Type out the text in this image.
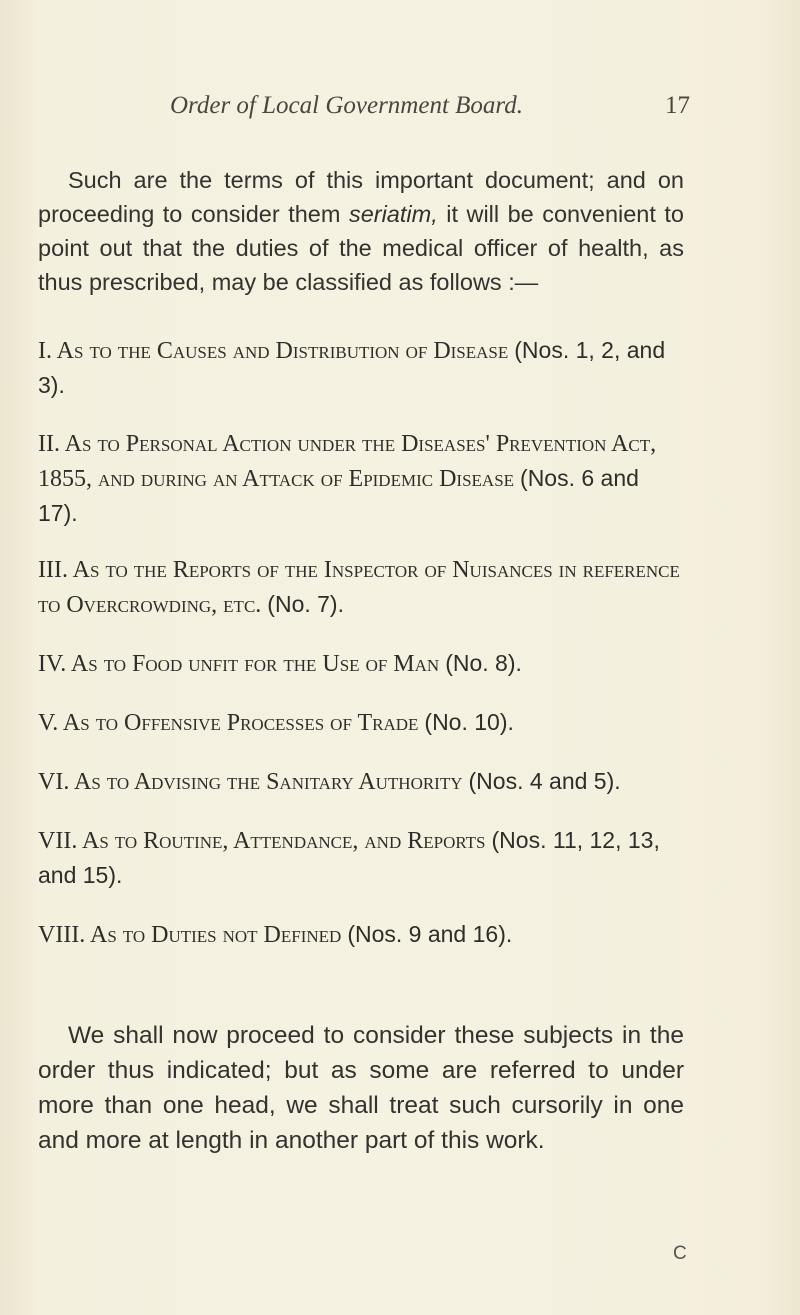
Order of Local Government Board.	17

Such are the terms of this important document; and on proceeding to consider them seriatim, it will be convenient to point out that the duties of the medical officer of health, as thus prescribed, may be classified as follows :—

I. As to the Causes and Distribution of Disease (Nos. 1, 2, and 3).
II. As to Personal Action under the Diseases' Prevention Act, 1855, and during an Attack of Epidemic Disease (Nos. 6 and 17).
III. As to the Reports of the Inspector of Nuisances in reference to Overcrowding, etc. (No. 7).
IV. As to Food unfit for the Use of Man (No. 8).
V. As to Offensive Processes of Trade (No. 10).
VI. As to Advising the Sanitary Authority (Nos. 4 and 5).
VII. As to Routine, Attendance, and Reports (Nos. 11, 12, 13, and 15).
VIII. As to Duties not Defined (Nos. 9 and 16).

We shall now proceed to consider these subjects in the order thus indicated; but as some are referred to under more than one head, we shall treat such cursorily in one and more at length in another part of this work.

C
